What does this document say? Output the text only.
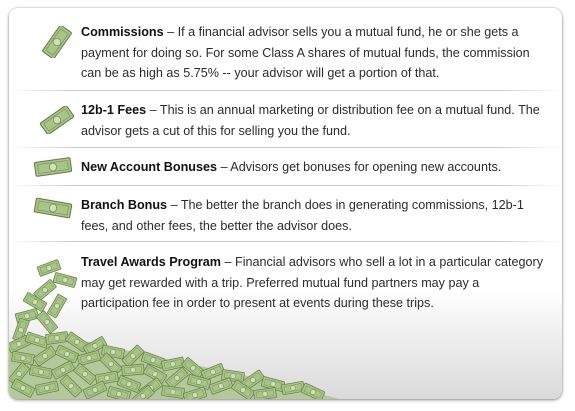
Commissions – If a financial advisor sells you a mutual fund, he or she gets a payment for doing so. For some Class A shares of mutual funds, the commission can be as high as 5.75% -- your advisor will get a portion of that.
12b-1 Fees – This is an annual marketing or distribution fee on a mutual fund. The advisor gets a cut of this for selling you the fund.
New Account Bonuses – Advisors get bonuses for opening new accounts.
Branch Bonus – The better the branch does in generating commissions, 12b-1 fees, and other fees, the better the advisor does.
Travel Awards Program – Financial advisors who sell a lot in a particular category may get rewarded with a trip. Preferred mutual fund partners may pay a participation fee in order to present at events during these trips.
